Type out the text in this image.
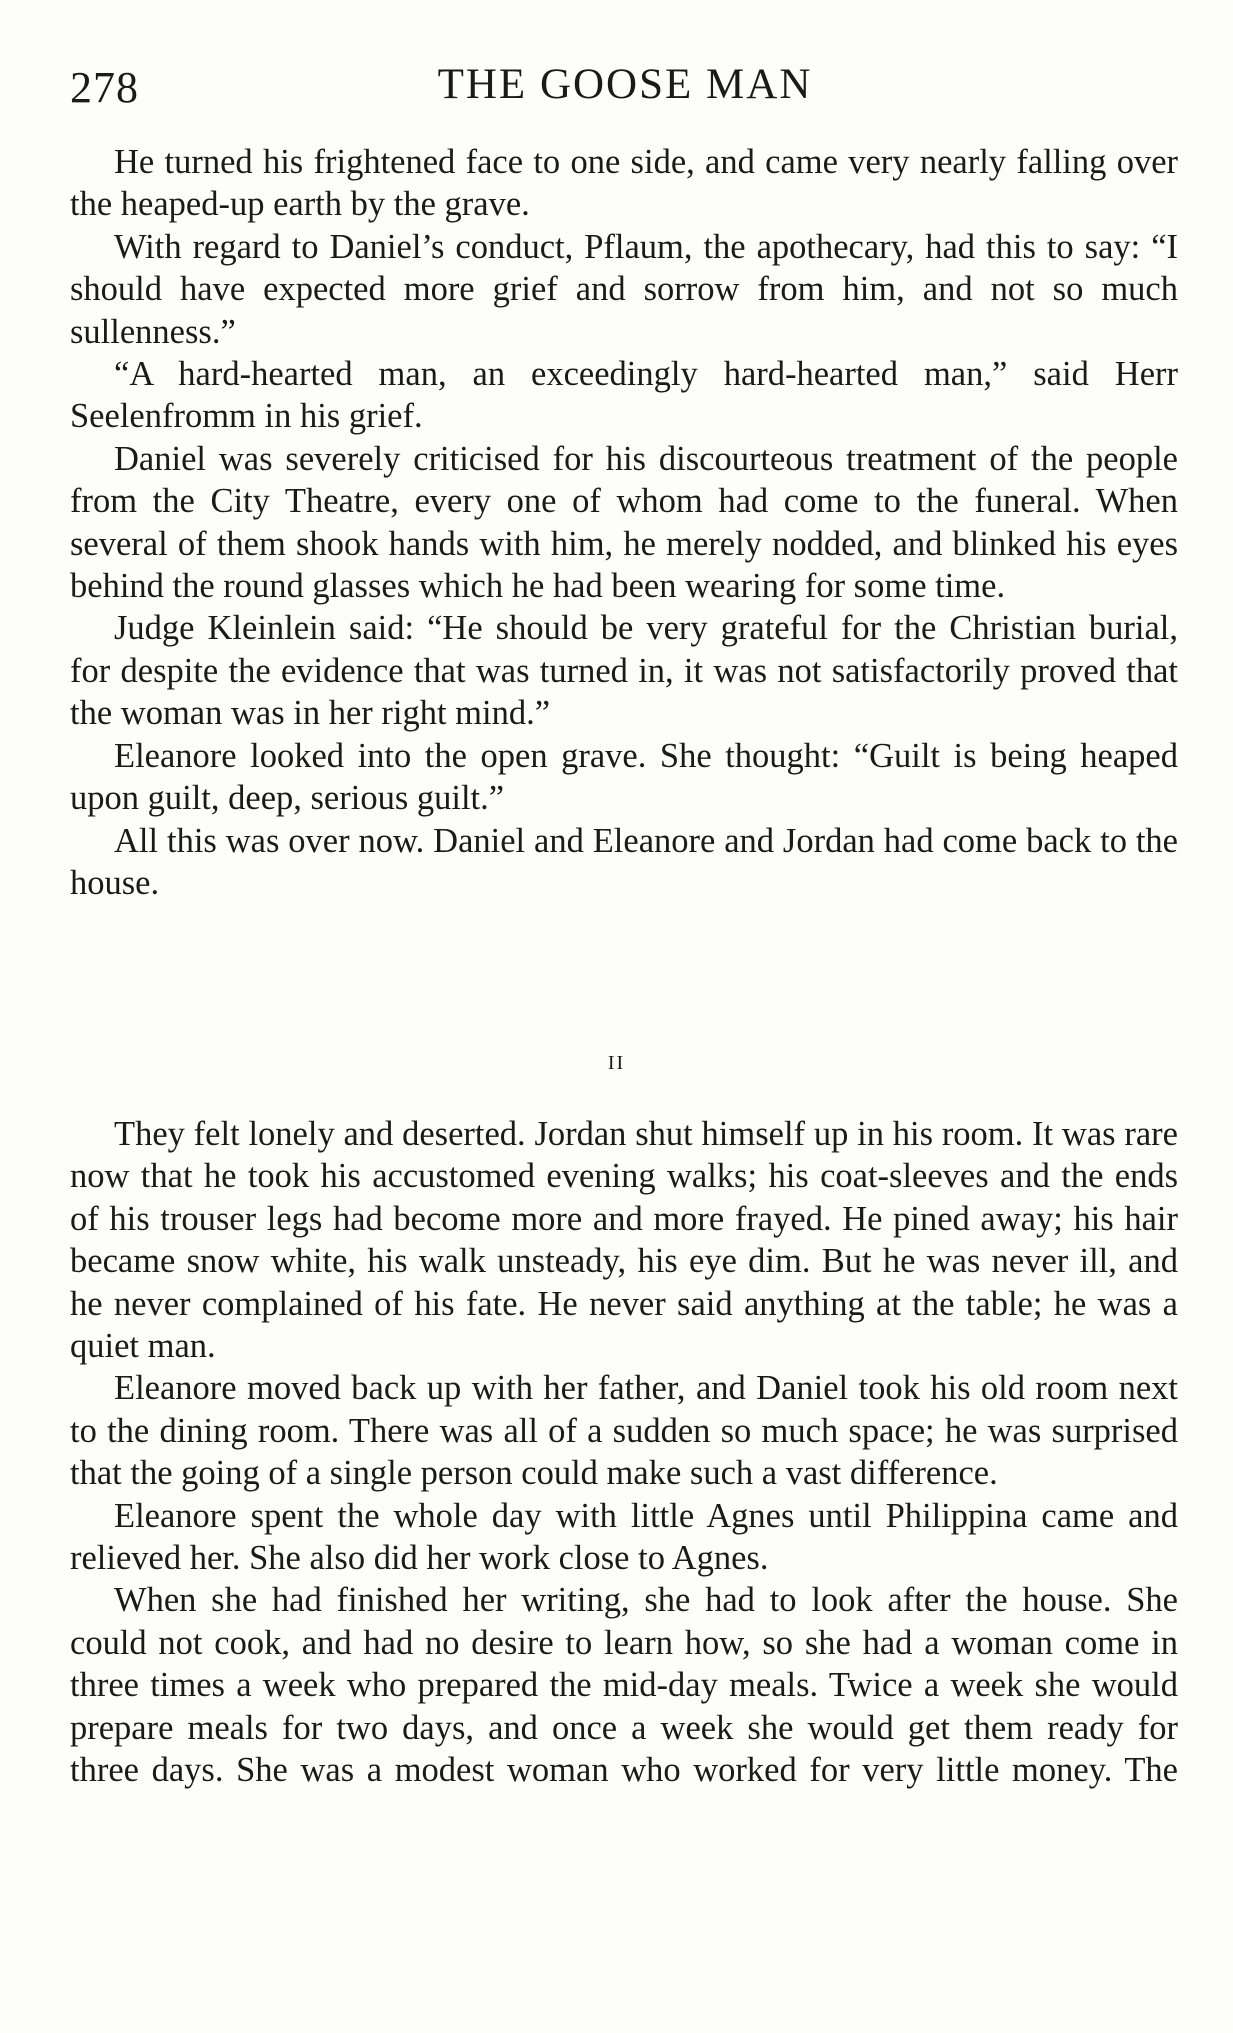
278	THE GOOSE MAN

He turned his frightened face to one side, and came very nearly falling over the heaped-up earth by the grave.

With regard to Daniel’s conduct, Pflaum, the apothecary, had this to say: “I should have expected more grief and sorrow from him, and not so much sullenness.”

“A hard-hearted man, an exceedingly hard-hearted man,” said Herr Seelenfromm in his grief.

Daniel was severely criticised for his discourteous treatment of the people from the City Theatre, every one of whom had come to the funeral. When several of them shook hands with him, he merely nodded, and blinked his eyes behind the round glasses which he had been wearing for some time.

Judge Kleinlein said: “He should be very grateful for the Christian burial, for despite the evidence that was turned in, it was not satisfactorily proved that the woman was in her right mind.”

Eleanore looked into the open grave. She thought: “Guilt is being heaped upon guilt, deep, serious guilt.”

All this was over now. Daniel and Eleanore and Jordan had come back to the house.

II

They felt lonely and deserted. Jordan shut himself up in his room. It was rare now that he took his accustomed evening walks; his coat-sleeves and the ends of his trouser legs had become more and more frayed. He pined away; his hair became snow white, his walk unsteady, his eye dim. But he was never ill, and he never complained of his fate. He never said anything at the table; he was a quiet man.

Eleanore moved back up with her father, and Daniel took his old room next to the dining room. There was all of a sudden so much space; he was surprised that the going of a single person could make such a vast difference.

Eleanore spent the whole day with little Agnes until Philippina came and relieved her. She also did her work close to Agnes.

When she had finished her writing, she had to look after the house. She could not cook, and had no desire to learn how, so she had a woman come in three times a week who prepared the mid-day meals. Twice a week she would prepare meals for two days, and once a week she would get them ready for three days. She was a modest woman who worked for very little money. The
